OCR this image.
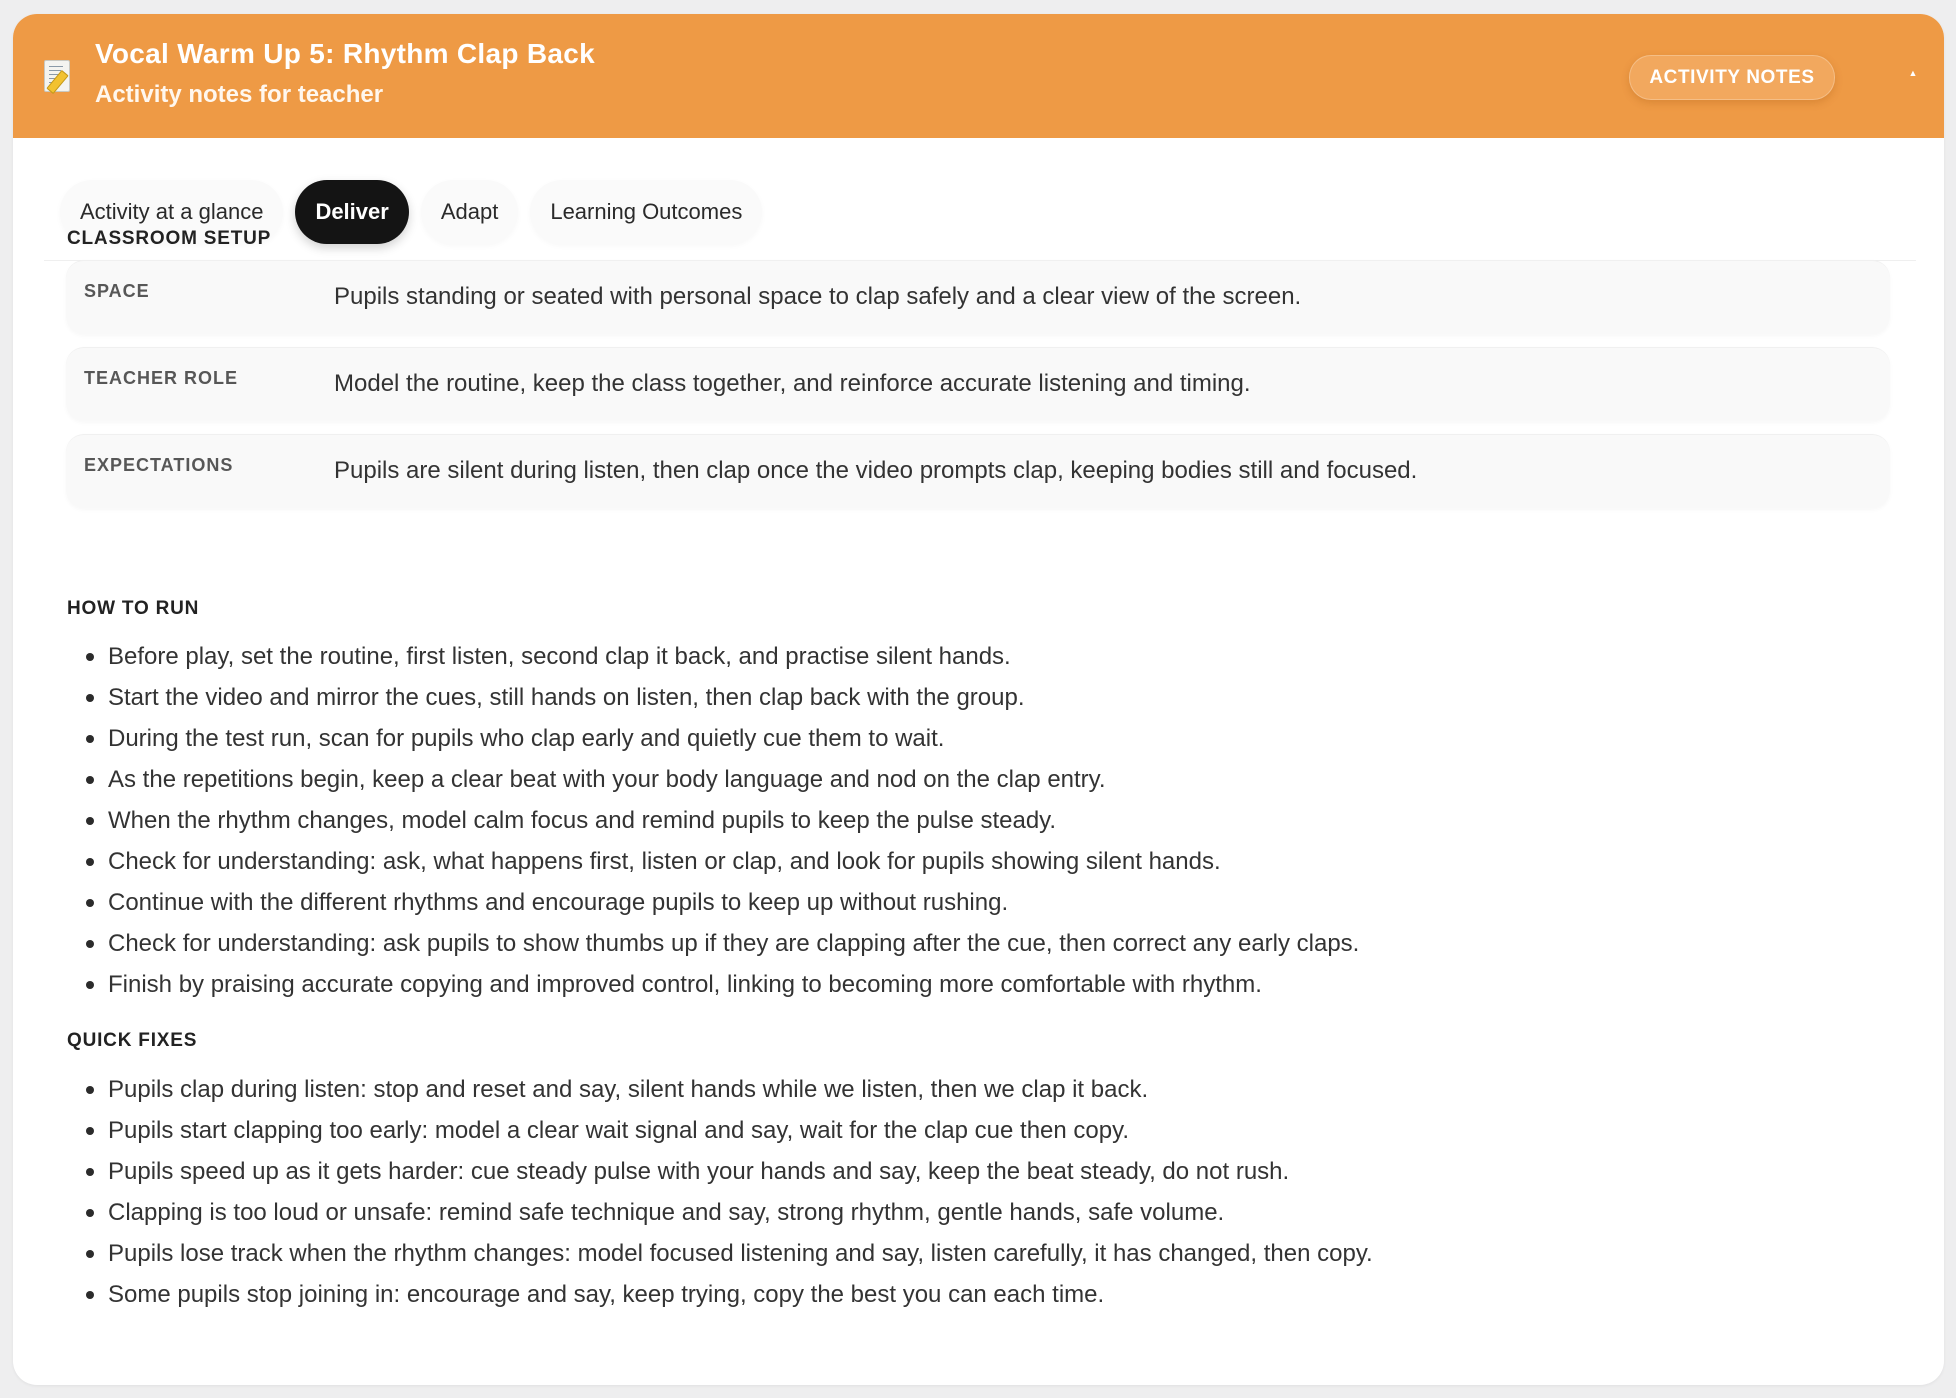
Vocal Warm Up 5: Rhythm Clap Back
Activity notes for teacher
ACTIVITY NOTES	▲
Activity at a glance	Deliver	Adapt	Learning Outcomes
CLASSROOM SETUP
SPACE	Pupils standing or seated with personal space to clap safely and a clear view of the screen.
TEACHER ROLE	Model the routine, keep the class together, and reinforce accurate listening and timing.
EXPECTATIONS	Pupils are silent during listen, then clap once the video prompts clap, keeping bodies still and focused.
HOW TO RUN
Before play, set the routine, first listen, second clap it back, and practise silent hands.
Start the video and mirror the cues, still hands on listen, then clap back with the group.
During the test run, scan for pupils who clap early and quietly cue them to wait.
As the repetitions begin, keep a clear beat with your body language and nod on the clap entry.
When the rhythm changes, model calm focus and remind pupils to keep the pulse steady.
Check for understanding: ask, what happens first, listen or clap, and look for pupils showing silent hands.
Continue with the different rhythms and encourage pupils to keep up without rushing.
Check for understanding: ask pupils to show thumbs up if they are clapping after the cue, then correct any early claps.
Finish by praising accurate copying and improved control, linking to becoming more comfortable with rhythm.
QUICK FIXES
Pupils clap during listen: stop and reset and say, silent hands while we listen, then we clap it back.
Pupils start clapping too early: model a clear wait signal and say, wait for the clap cue then copy.
Pupils speed up as it gets harder: cue steady pulse with your hands and say, keep the beat steady, do not rush.
Clapping is too loud or unsafe: remind safe technique and say, strong rhythm, gentle hands, safe volume.
Pupils lose track when the rhythm changes: model focused listening and say, listen carefully, it has changed, then copy.
Some pupils stop joining in: encourage and say, keep trying, copy the best you can each time.
